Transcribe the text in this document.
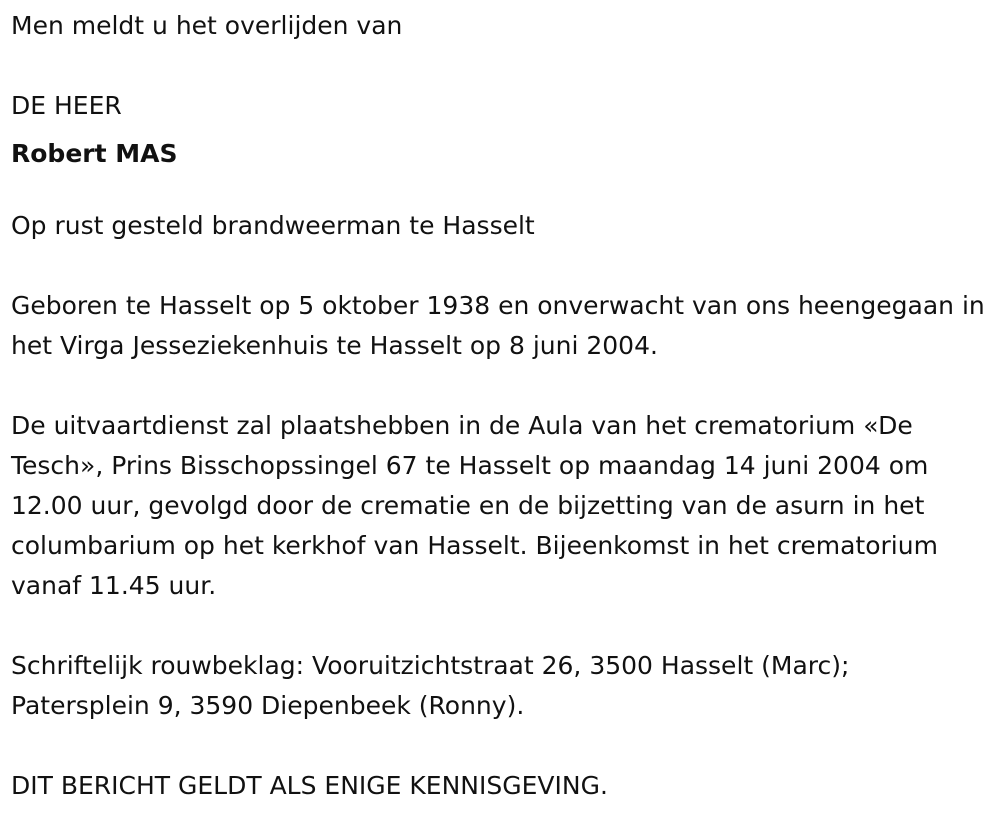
Men meldt u het overlijden van

DE HEER

Robert MAS

Op rust gesteld brandweerman te Hasselt

Geboren te Hasselt op 5 oktober 1938 en onverwacht van ons heengegaan in het Virga Jesseziekenhuis te Hasselt op 8 juni 2004.

De uitvaartdienst zal plaatshebben in de Aula van het crematorium «De Tesch», Prins Bisschopssingel 67 te Hasselt op maandag 14 juni 2004 om 12.00 uur, gevolgd door de crematie en de bijzetting van de asurn in het columbarium op het kerkhof van Hasselt. Bijeenkomst in het crematorium vanaf 11.45 uur.

Schriftelijk rouwbeklag: Vooruitzichtstraat 26, 3500 Hasselt (Marc);

Patersplein 9, 3590 Diepenbeek (Ronny).

DIT BERICHT GELDT ALS ENIGE KENNISGEVING.
